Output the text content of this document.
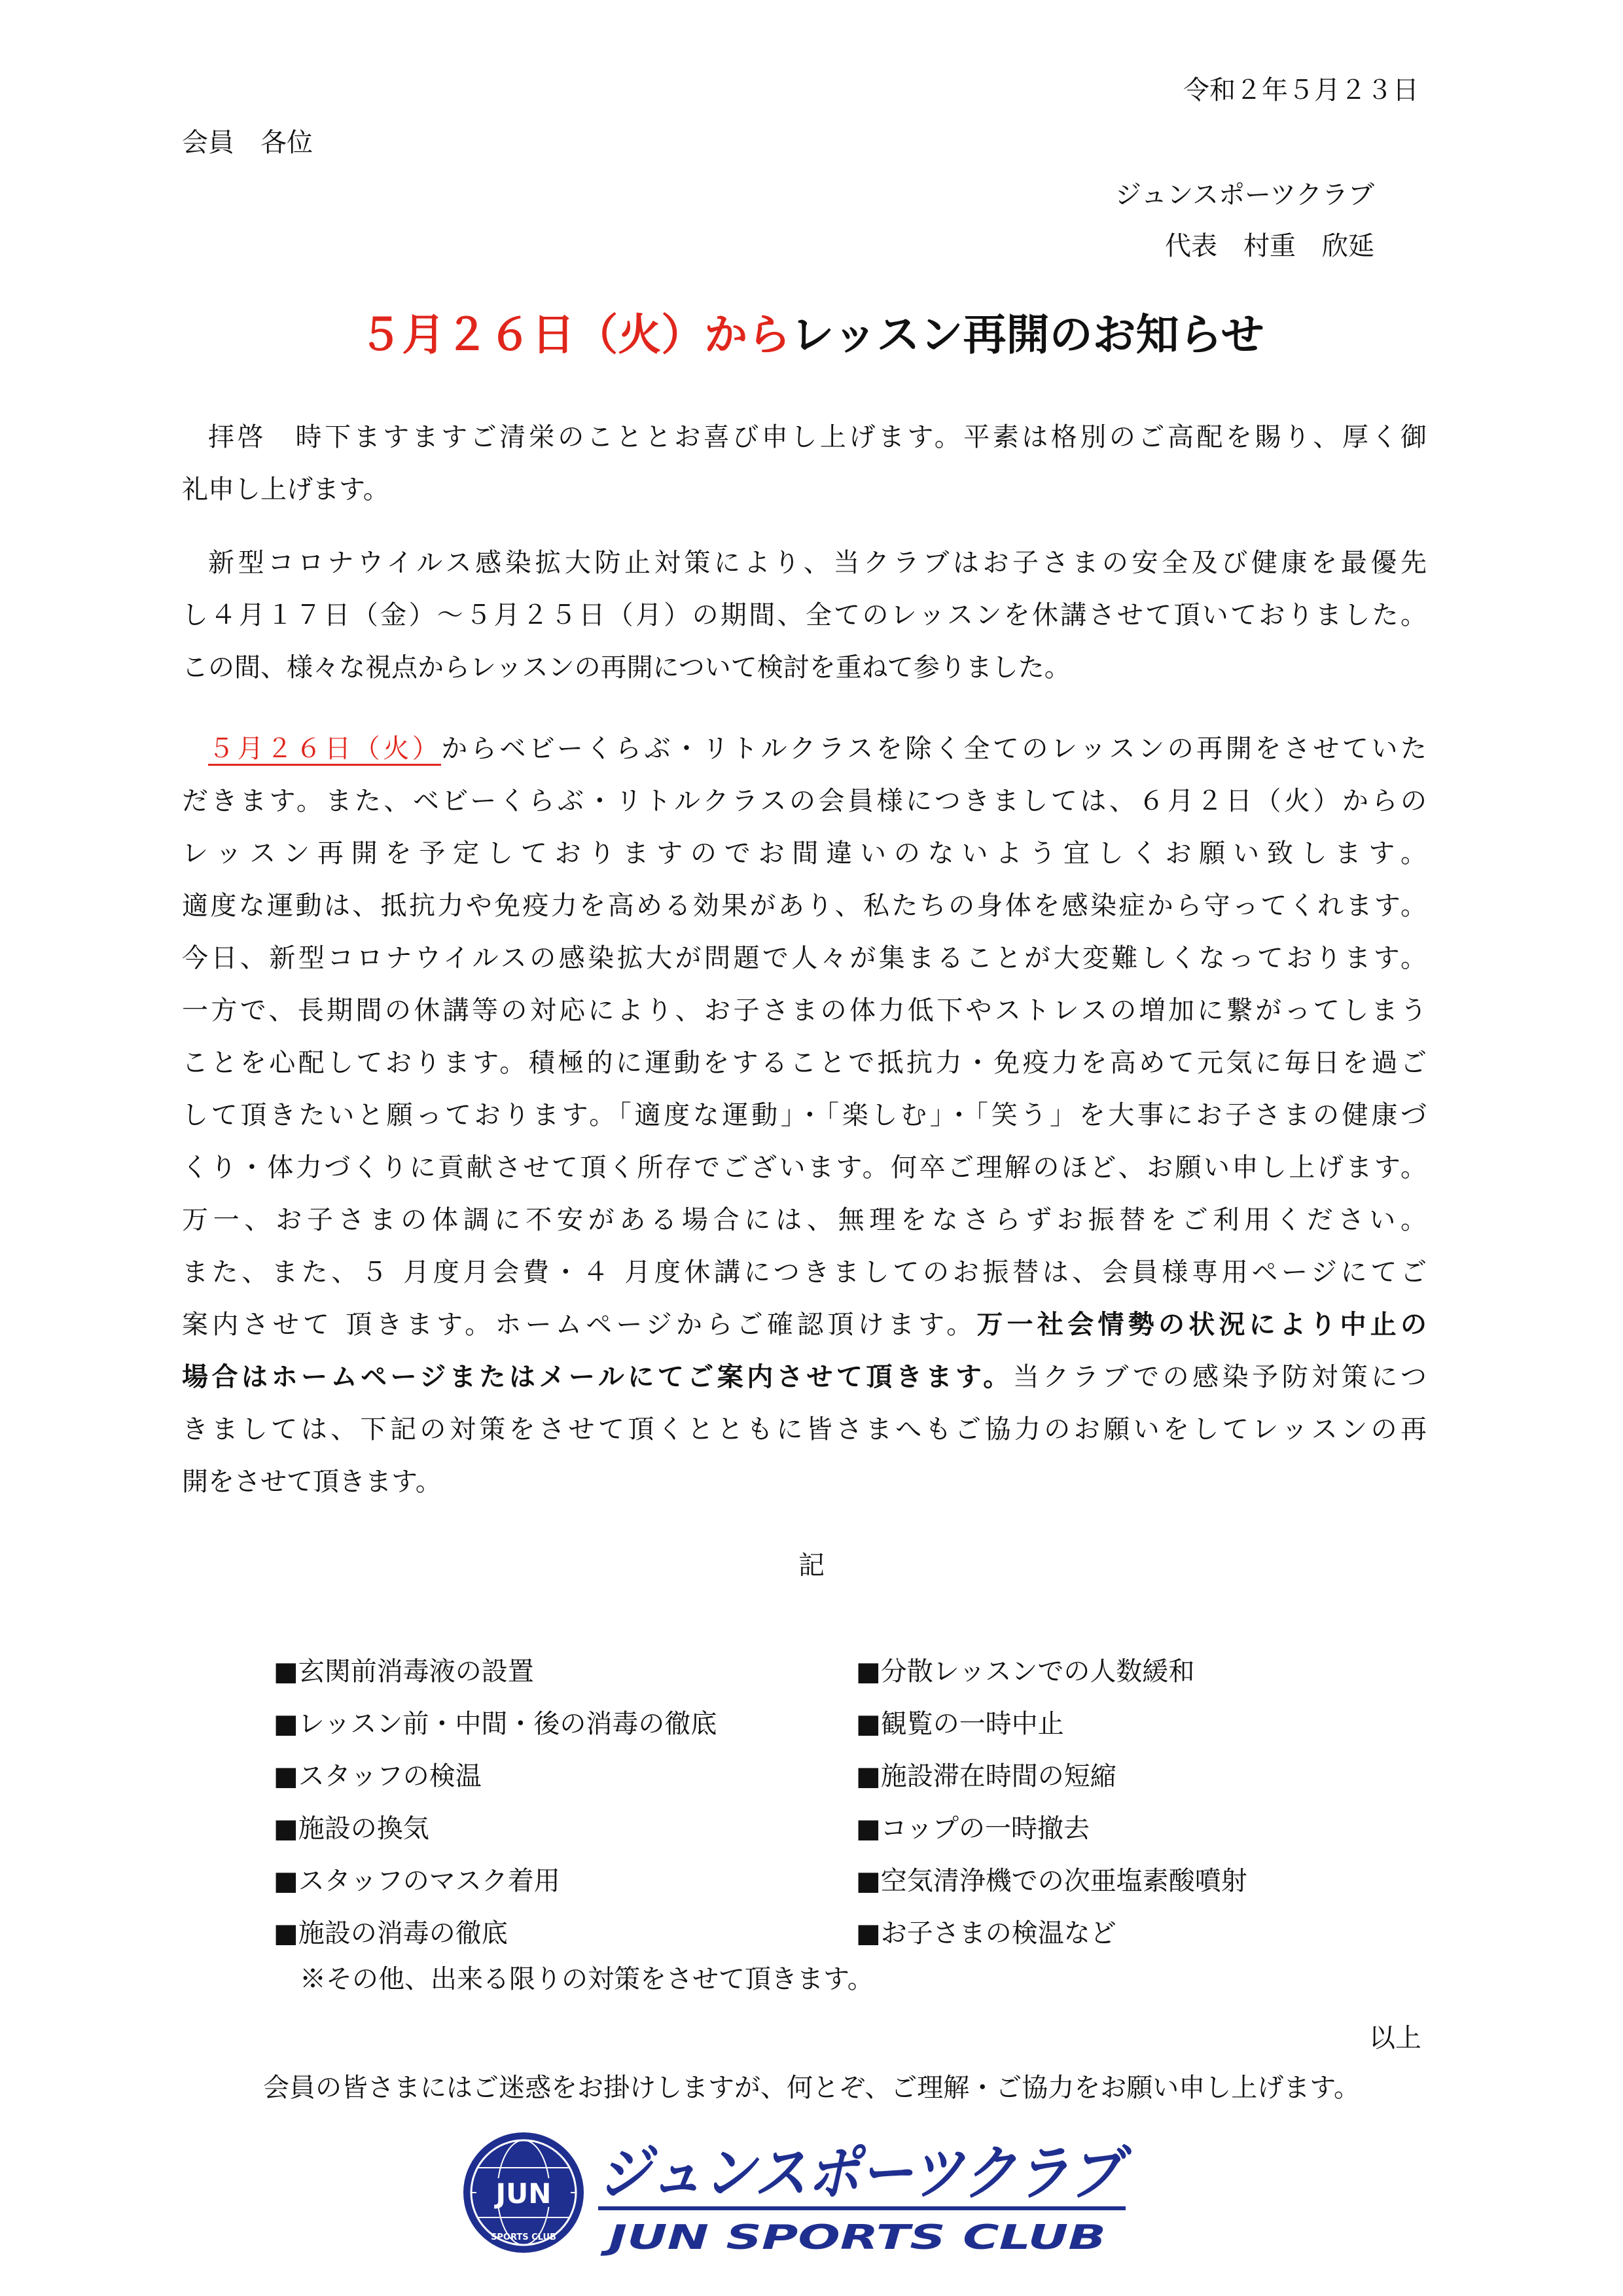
令和２年５月２３日
会員　各位
ジュンスポーツクラブ
代表　村重　欣延
５月２６日（火）からレッスン再開のお知らせ
拝啓　時下ますますご清栄のこととお喜び申し上げます。平素は格別のご高配を賜り、厚く御
礼申し上げます。
新型コロナウイルス感染拡大防止対策により、当クラブはお子さまの安全及び健康を最優先
し４月１７日（金）〜５月２５日（月）の期間、全てのレッスンを休講させて頂いておりました。
この間、様々な視点からレッスンの再開について検討を重ねて参りました。
５月２６日（火）からベビーくらぶ・リトルクラスを除く全てのレッスンの再開をさせていた
だきます。また、ベビーくらぶ・リトルクラスの会員様につきましては、６月２日（火）からの
レッスン再開を予定しておりますのでお間違いのないよう宜しくお願い致します。
適度な運動は、抵抗力や免疫力を高める効果があり、私たちの身体を感染症から守ってくれます。
今日、新型コロナウイルスの感染拡大が問題で人々が集まることが大変難しくなっております。
一方で、長期間の休講等の対応により、お子さまの体力低下やストレスの増加に繋がってしまう
ことを心配しております。積極的に運動をすることで抵抗力・免疫力を高めて元気に毎日を過ご
して頂きたいと願っております。「適度な運動」・「楽しむ」・「笑う」を大事にお子さまの健康づ
くり・体力づくりに貢献させて頂く所存でございます。何卒ご理解のほど、お願い申し上げます。
万一、お子さまの体調に不安がある場合には、無理をなさらずお振替をご利用ください。
また、また、５ 月度月会費・４ 月度休講につきましてのお振替は、会員様専用ページにてご
案内させて 頂きます。ホームページからご確認頂けます。万一社会情勢の状況により中止の
場合はホームページまたはメールにてご案内させて頂きます。当クラブでの感染予防対策につ
きましては、下記の対策をさせて頂くとともに皆さまへもご協力のお願いをしてレッスンの再
開をさせて頂きます。
記
■玄関前消毒液の設置
■レッスン前・中間・後の消毒の徹底
■スタッフの検温
■施設の換気
■スタッフのマスク着用
■施設の消毒の徹底
■分散レッスンでの人数緩和
■観覧の一時中止
■施設滞在時間の短縮
■コップの一時撤去
■空気清浄機での次亜塩素酸噴射
■お子さまの検温など
※その他、出来る限りの対策をさせて頂きます。
以上
会員の皆さまにはご迷惑をお掛けしますが、何とぞ、ご理解・ご協力をお願い申し上げます。
JUN
SPORTS CLUB
ジュンスポーツクラブ
JUN SPORTS CLUB
